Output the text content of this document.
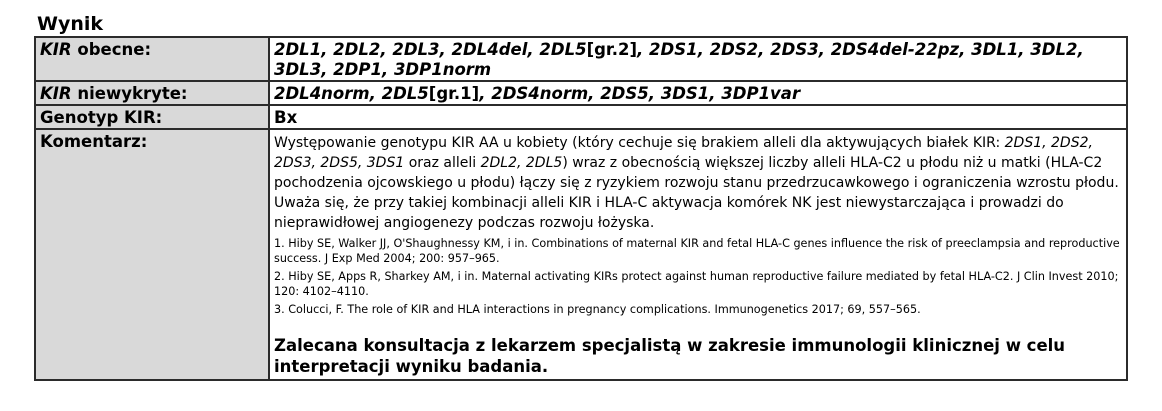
Wynik
KIR obecne:	2DL1, 2DL2, 2DL3, 2DL4del, 2DL5[gr.2], 2DS1, 2DS2, 2DS3, 2DS4del-22pz, 3DL1, 3DL2, 3DL3, 2DP1, 3DP1norm
KIR niewykryte:	2DL4norm, 2DL5[gr.1], 2DS4norm, 2DS5, 3DS1, 3DP1var
Genotyp KIR:	Bx
Komentarz:	Występowanie genotypu KIR AA u kobiety (który cechuje się brakiem alleli dla aktywujących białek KIR: 2DS1, 2DS2, 2DS3, 2DS5, 3DS1 oraz alleli 2DL2, 2DL5) wraz z obecnością większej liczby alleli HLA-C2 u płodu niż u matki (HLA-C2 pochodzenia ojcowskiego u płodu) łączy się z ryzykiem rozwoju stanu przedrzucawkowego i ograniczenia wzrostu płodu. Uważa się, że przy takiej kombinacji alleli KIR i HLA-C aktywacja komórek NK jest niewystarczająca i prowadzi do nieprawidłowej angiogenezy podczas rozwoju łożyska.
1. Hiby SE, Walker JJ, O'Shaughnessy KM, i in. Combinations of maternal KIR and fetal HLA-C genes influence the risk of preeclampsia and reproductive success. J Exp Med 2004; 200: 957–965.
2. Hiby SE, Apps R, Sharkey AM, i in. Maternal activating KIRs protect against human reproductive failure mediated by fetal HLA-C2. J Clin Invest 2010; 120: 4102–4110.
3. Colucci, F. The role of KIR and HLA interactions in pregnancy complications. Immunogenetics 2017; 69, 557–565.
Zalecana konsultacja z lekarzem specjalistą w zakresie immunologii klinicznej w celu interpretacji wyniku badania.
